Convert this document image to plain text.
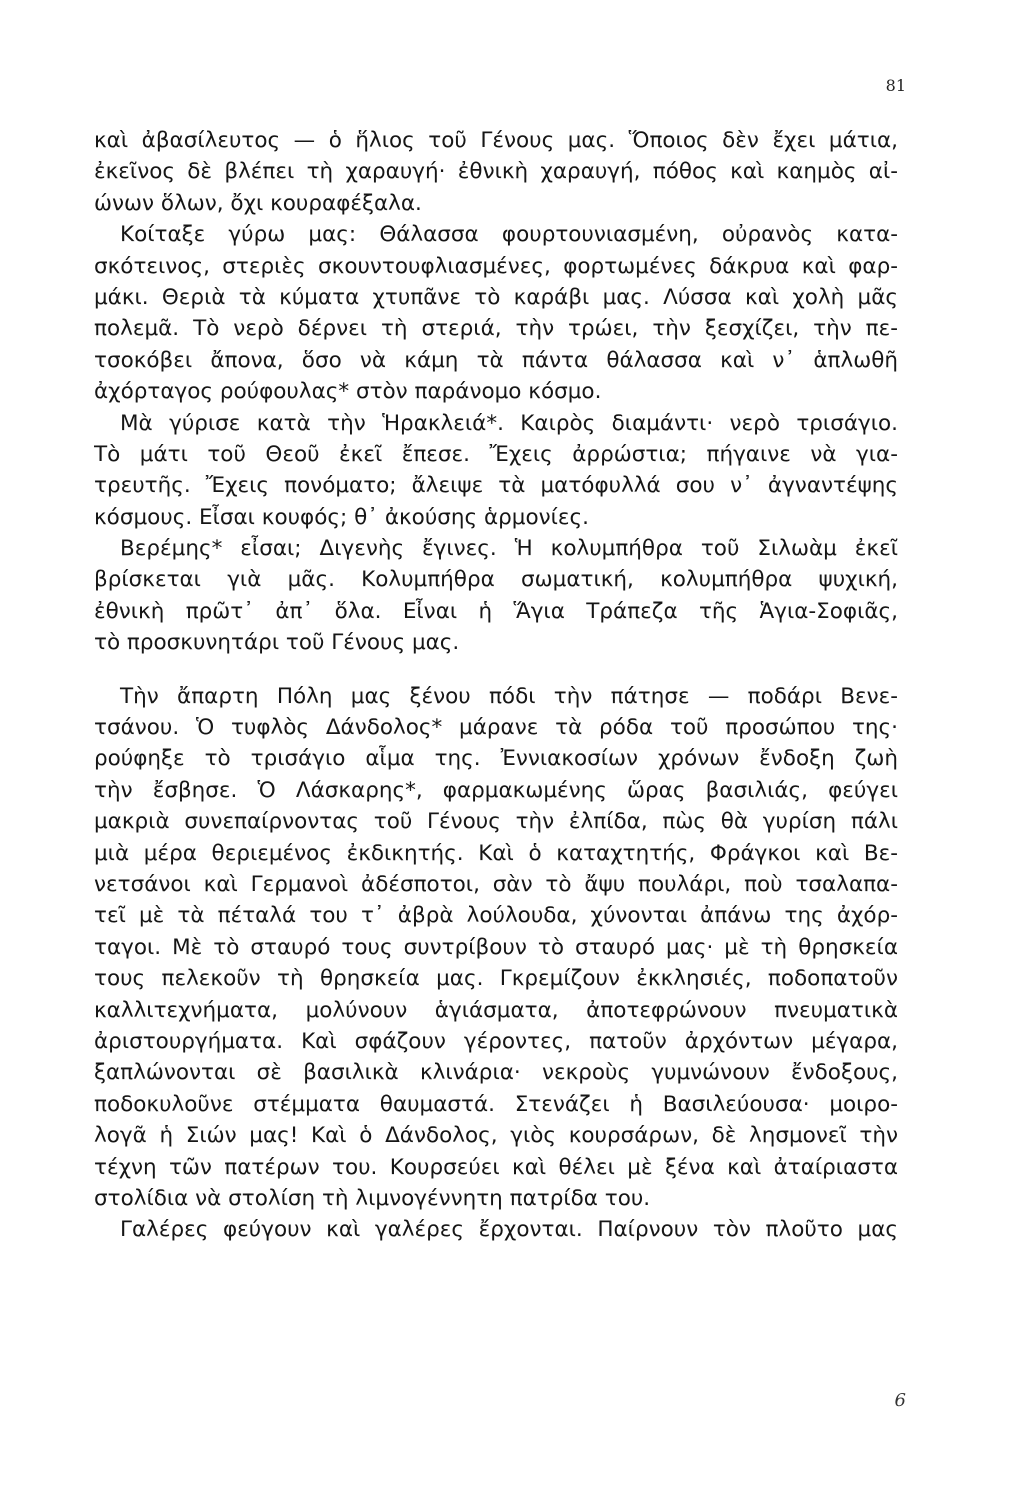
81
καὶ ἀβασίλευτος — ὁ ἥλιος τοῦ Γένους μας. Ὅποιος δὲν ἔχει μάτια,
ἐκεῖνος δὲ βλέπει τὴ χαραυγή· ἐθνικὴ χαραυγή, πόθος καὶ καημὸς αἰ-
ώνων ὅλων, ὄχι κουραφέξαλα.
Κοίταξε γύρω μας: Θάλασσα φουρτουνιασμένη, οὐρανὸς κατα-
σκότεινος, στεριὲς σκουντουφλιασμένες, φορτωμένες δάκρυα καὶ φαρ-
μάκι. Θεριὰ τὰ κύματα χτυπᾶνε τὸ καράβι μας. Λύσσα καὶ χολὴ μᾶς
πολεμᾶ. Τὸ νερὸ δέρνει τὴ στεριά, τὴν τρώει, τὴν ξεσχίζει, τὴν πε-
τσοκόβει ἄπονα, ὅσο νὰ κάμη τὰ πάντα θάλασσα καὶ ν᾽ ἁπλωθῆ
ἀχόρταγος ρούφουλας* στὸν παράνομο κόσμο.
Μὰ γύρισε κατὰ τὴν Ἡρακλειά*. Καιρὸς διαμάντι· νερὸ τρισάγιο.
Τὸ μάτι τοῦ Θεοῦ ἐκεῖ ἔπεσε. Ἔχεις ἀρρώστια; πήγαινε νὰ για-
τρευτῆς. Ἔχεις πονόματο; ἄλειψε τὰ ματόφυλλά σου ν᾽ ἀγναντέψης
κόσμους. Εἶσαι κουφός; θ᾽ ἀκούσης ἁρμονίες.
Βερέμης* εἶσαι; Διγενὴς ἔγινες. Ἡ κολυμπήθρα τοῦ Σιλωὰμ ἐκεῖ
βρίσκεται γιὰ μᾶς. Κολυμπήθρα σωματική, κολυμπήθρα ψυχική,
ἐθνικὴ πρῶτ᾽ ἀπ᾽ ὅλα. Εἶναι ἡ Ἅγια Τράπεζα τῆς Ἁγια-Σοφιᾶς,
τὸ προσκυνητάρι τοῦ Γένους μας.
Τὴν ἄπαρτη Πόλη μας ξένου πόδι τὴν πάτησε — ποδάρι Βενε-
τσάνου. Ὁ τυφλὸς Δάνδολος* μάρανε τὰ ρόδα τοῦ προσώπου της·
ρούφηξε τὸ τρισάγιο αἷμα της. Ἐννιακοσίων χρόνων ἔνδοξη ζωὴ
τὴν ἔσβησε. Ὁ Λάσκαρης*, φαρμακωμένης ὥρας βασιλιάς, φεύγει
μακριὰ συνεπαίρνοντας τοῦ Γένους τὴν ἐλπίδα, πὼς θὰ γυρίση πάλι
μιὰ μέρα θεριεμένος ἐκδικητής. Καὶ ὁ καταχτητής, Φράγκοι καὶ Βε-
νετσάνοι καὶ Γερμανοὶ ἀδέσποτοι, σὰν τὸ ἄψυ πουλάρι, ποὺ τσαλαπα-
τεῖ μὲ τὰ πέταλά του τ᾽ ἀβρὰ λούλουδα, χύνονται ἀπάνω της ἀχόρ-
ταγοι. Μὲ τὸ σταυρό τους συντρίβουν τὸ σταυρό μας· μὲ τὴ θρησκεία
τους πελεκοῦν τὴ θρησκεία μας. Γκρεμίζουν ἐκκλησιές, ποδοπατοῦν
καλλιτεχνήματα, μολύνουν ἁγιάσματα, ἀποτεφρώνουν πνευματικὰ
ἀριστουργήματα. Καὶ σφάζουν γέροντες, πατοῦν ἀρχόντων μέγαρα,
ξαπλώνονται σὲ βασιλικὰ κλινάρια· νεκροὺς γυμνώνουν ἔνδοξους,
ποδοκυλοῦνε στέμματα θαυμαστά. Στενάζει ἡ Βασιλεύουσα· μοιρο-
λογᾶ ἡ Σιών μας! Καὶ ὁ Δάνδολος, γιὸς κουρσάρων, δὲ λησμονεῖ τὴν
τέχνη τῶν πατέρων του. Κουρσεύει καὶ θέλει μὲ ξένα καὶ ἀταίριαστα
στολίδια νὰ στολίση τὴ λιμνογέννητη πατρίδα του.
Γαλέρες φεύγουν καὶ γαλέρες ἔρχονται. Παίρνουν τὸν πλοῦτο μας
6
